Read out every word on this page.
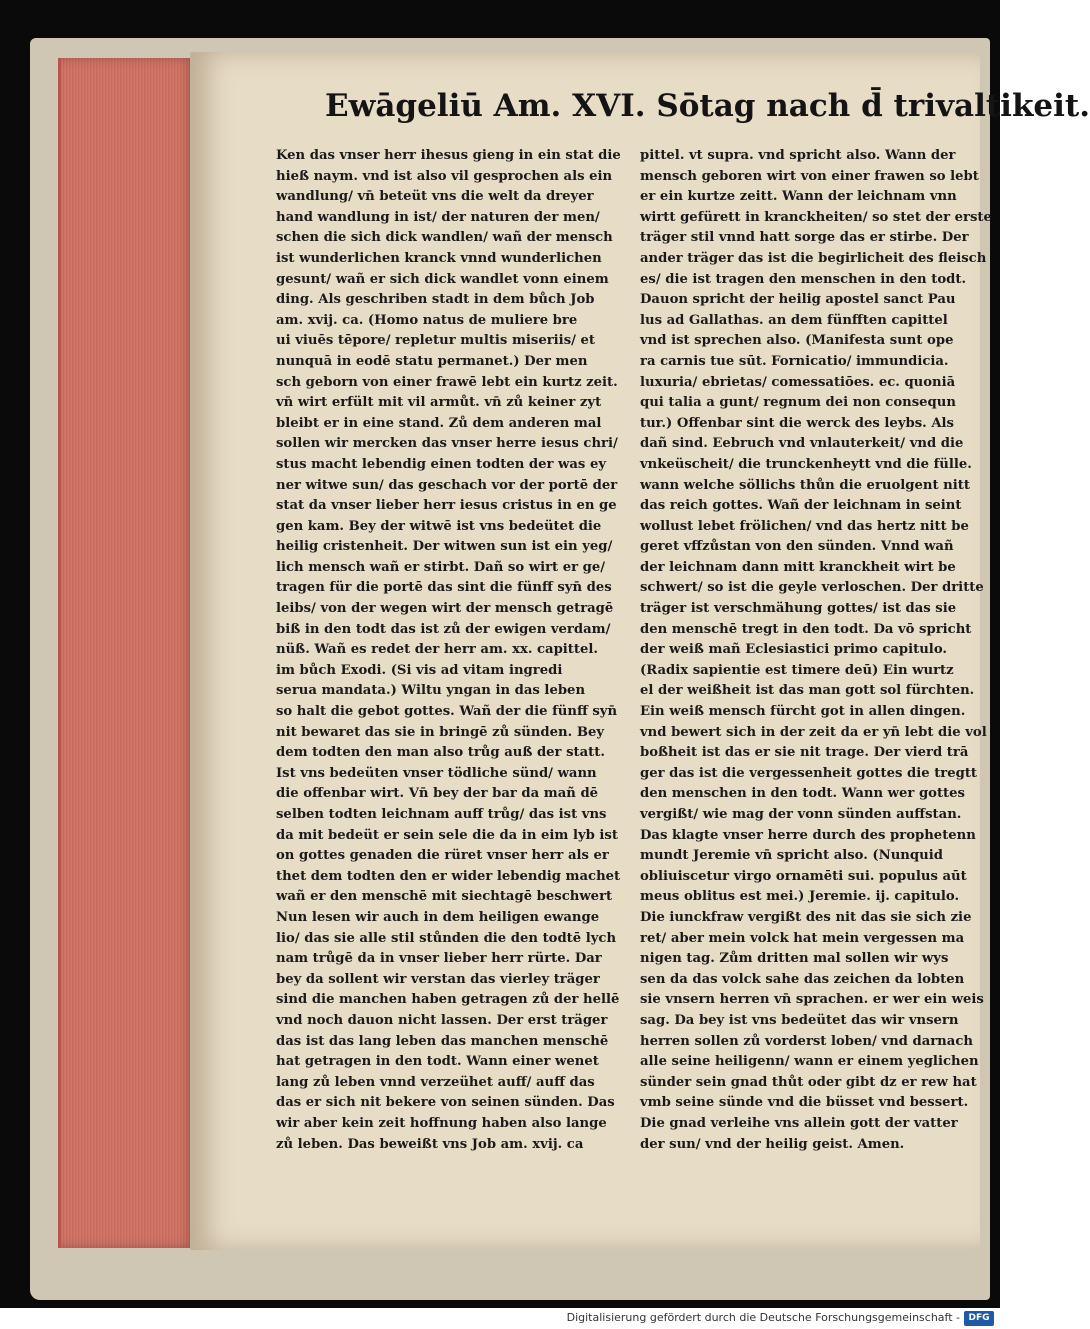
Ewāgeliū Am. XVI. Sōtag nach d̄ trivaltikeit.
Ken das vnser herr ihesus gieng in ein stat die
hieß naym. vnd ist also vil gesprochen als ein
wandlung/ vn̄ beteüt vns die welt da dreyer
hand wandlung in ist/ der naturen der men/
schen die sich dick wandlen/ wañ der mensch
ist wunderlichen kranck vnnd wunderlichen
gesunt/ wañ er sich dick wandlet vonn einem
ding. Als geschriben stadt in dem bůch Job
am. xvij. ca. (Homo natus de muliere bre
ui viuēs tēpore/ repletur multis miseriis/ et
nunquā in eodē statu permanet.) Der men
sch geborn von einer frawē lebt ein kurtz zeit.
vn̄ wirt erfült mit vil armůt. vn̄ zů keiner zyt
bleibt er in eine stand. Zů dem anderen mal
sollen wir mercken das vnser herre iesus chri/
stus macht lebendig einen todten der was ey
ner witwe sun/ das geschach vor der portē der
stat da vnser lieber herr iesus cristus in en ge
gen kam. Bey der witwē ist vns bedeütet die
heilig cristenheit. Der witwen sun ist ein yeg/
lich mensch wañ er stirbt. Dañ so wirt er ge/
tragen für die portē das sint die fünff syn̄ des
leibs/ von der wegen wirt der mensch getragē
biß in den todt das ist zů der ewigen verdam/
nüß. Wañ es redet der herr am. xx. capittel.
im bůch Exodi. (Si vis ad vitam ingredi
serua mandata.) Wiltu yngan in das leben
so halt die gebot gottes. Wañ der die fünff syn̄
nit bewaret das sie in bringē zů sünden. Bey
dem todten den man also trůg auß der statt.
Ist vns bedeüten vnser tödliche sünd/ wann
die offenbar wirt. Vn̄ bey der bar da mañ dē
selben todten leichnam auff trůg/ das ist vns
da mit bedeüt er sein sele die da in eim lyb ist
on gottes genaden die rüret vnser herr als er
thet dem todten den er wider lebendig machet
wañ er den menschē mit siechtagē beschwert
Nun lesen wir auch in dem heiligen ewange
lio/ das sie alle stil stůnden die den todtē lych
nam trůgē da in vnser lieber herr rürte. Dar
bey da sollent wir verstan das vierley träger
sind die manchen haben getragen zů der hellē
vnd noch dauon nicht lassen. Der erst träger
das ist das lang leben das manchen menschē
hat getragen in den todt. Wann einer wenet
lang zů leben vnnd verzeühet auff/ auff das
das er sich nit bekere von seinen sünden. Das
wir aber kein zeit hoffnung haben also lange
zů leben. Das beweißt vns Job am. xvij. ca
pittel. vt supra. vnd spricht also. Wann der
mensch geboren wirt von einer frawen so lebt
er ein kurtze zeitt. Wann der leichnam vnn
wirtt gefürett in kranckheiten/ so stet der erste
träger stil vnnd hatt sorge das er stirbe. Der
ander träger das ist die begirlicheit des fleisch
es/ die ist tragen den menschen in den todt.
Dauon spricht der heilig apostel sanct Pau
lus ad Gallathas. an dem fünfften capittel
vnd ist sprechen also. (Manifesta sunt ope
ra carnis tue sūt. Fornicatio/ immundicia.
luxuria/ ebrietas/ comessatiōes. ec. quoniā
qui talia a gunt/ regnum dei non consequn
tur.) Offenbar sint die werck des leybs. Als
dañ sind. Eebruch vnd vnlauterkeit/ vnd die
vnkeüscheit/ die trunckenheytt vnd die fülle.
wann welche söllichs thůn die eruolgent nitt
das reich gottes. Wañ der leichnam in seint
wollust lebet frölichen/ vnd das hertz nitt be
geret vffzůstan von den sünden. Vnnd wañ
der leichnam dann mitt kranckheit wirt be
schwert/ so ist die geyle verloschen. Der dritte
träger ist verschmähung gottes/ ist das sie
den menschē tregt in den todt. Da vō spricht
der weiß mañ Eclesiastici primo capitulo.
(Radix sapientie est timere deū) Ein wurtz
el der weißheit ist das man gott sol fürchten.
Ein weiß mensch fürcht got in allen dingen.
vnd bewert sich in der zeit da er yn̄ lebt die vol
boßheit ist das er sie nit trage. Der vierd trā
ger das ist die vergessenheit gottes die tregtt
den menschen in den todt. Wann wer gottes
vergißt/ wie mag der vonn sünden auffstan.
Das klagte vnser herre durch des prophetenn
mundt Jeremie vn̄ spricht also. (Nunquid
obliuiscetur virgo ornamēti sui. populus aūt
meus oblitus est mei.) Jeremie. ij. capitulo.
Die iunckfraw vergißt des nit das sie sich zie
ret/ aber mein volck hat mein vergessen ma
nigen tag. Zům dritten mal sollen wir wys
sen da das volck sahe das zeichen da lobten
sie vnsern herren vn̄ sprachen. er wer ein weis
sag. Da bey ist vns bedeütet das wir vnsern
herren sollen zů vorderst loben/ vnd darnach
alle seine heiligenn/ wann er einem yeglichen
sünder sein gnad thůt oder gibt dz er rew hat
vmb seine sünde vnd die büsset vnd bessert.
Die gnad verleihe vns allein gott der vatter
der sun/ vnd der heilig geist. Amen.
Digitalisierung gefördert durch die Deutsche Forschungsgemeinschaft - DFG
